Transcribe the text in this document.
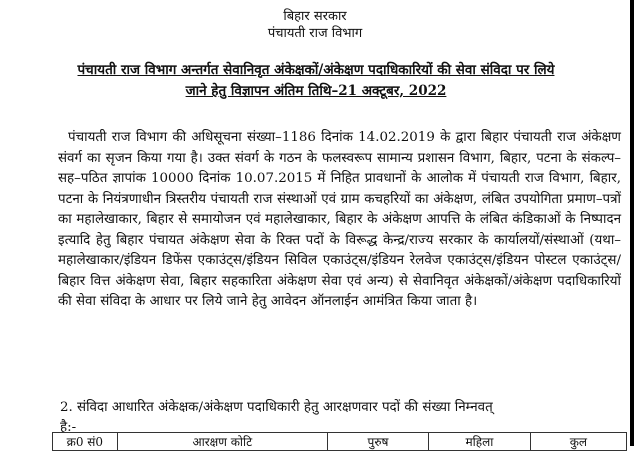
बिहार सरकार
पंचायती राज विभाग
पंचायती राज विभाग अन्तर्गत सेवानिवृत अंकेक्षकों/अंकेक्षण पदाधिकारियों की सेवा संविदा पर लिये
जाने हेतु विज्ञापन अंतिम तिथि–21 अक्टूबर, 2022
पंचायती राज विभाग की अधिसूचना संख्या–1186 दिनांक 14.02.2019 के द्वारा बिहार पंचायती राज अंकेक्षण संवर्ग का सृजन किया गया है। उक्त संवर्ग के गठन के फलस्वरूप सामान्य प्रशासन विभाग, बिहार, पटना के संकल्प–सह–पठित ज्ञापांक 10000 दिनांक 10.07.2015 में निहित प्रावधानों के आलोक में पंचायती राज विभाग, बिहार, पटना के नियंत्रणाधीन त्रिस्तरीय पंचायती राज संस्थाओं एवं ग्राम कचहरियों का अंकेक्षण, लंबित उपयोगिता प्रमाण–पत्रों का महालेखाकार, बिहार से समायोजन एवं महालेखाकार, बिहार के अंकेक्षण आपत्ति के लंबित कंडिकाओं के निष्पादन इत्यादि हेतु बिहार पंचायत अंकेक्षण सेवा के रिक्त पदों के विरूद्ध केन्द्र/राज्य सरकार के कार्यालयों/संस्थाओं (यथा–महालेखाकार/इंडियन डिफेंस एकाउंट्स/इंडियन सिविल एकाउंट्स/इंडियन रेलवेज एकाउंट्स/इंडियन पोस्टल एकाउंट्स/बिहार वित्त अंकेक्षण सेवा, बिहार सहकारिता अंकेक्षण सेवा एवं अन्य) से सेवानिवृत अंकेक्षकों/अंकेक्षण पदाधिकारियों की सेवा संविदा के आधार पर लिये जाने हेतु आवेदन ऑनलाईन आमंत्रित किया जाता है।
2. संविदा आधारित अंकेक्षक/अंकेक्षण पदाधिकारी हेतु आरक्षणवार पदों की संख्या निम्नवत्
है:-
क्र0 सं0	आरक्षण कोटि	पुरुष	महिला	कुल
